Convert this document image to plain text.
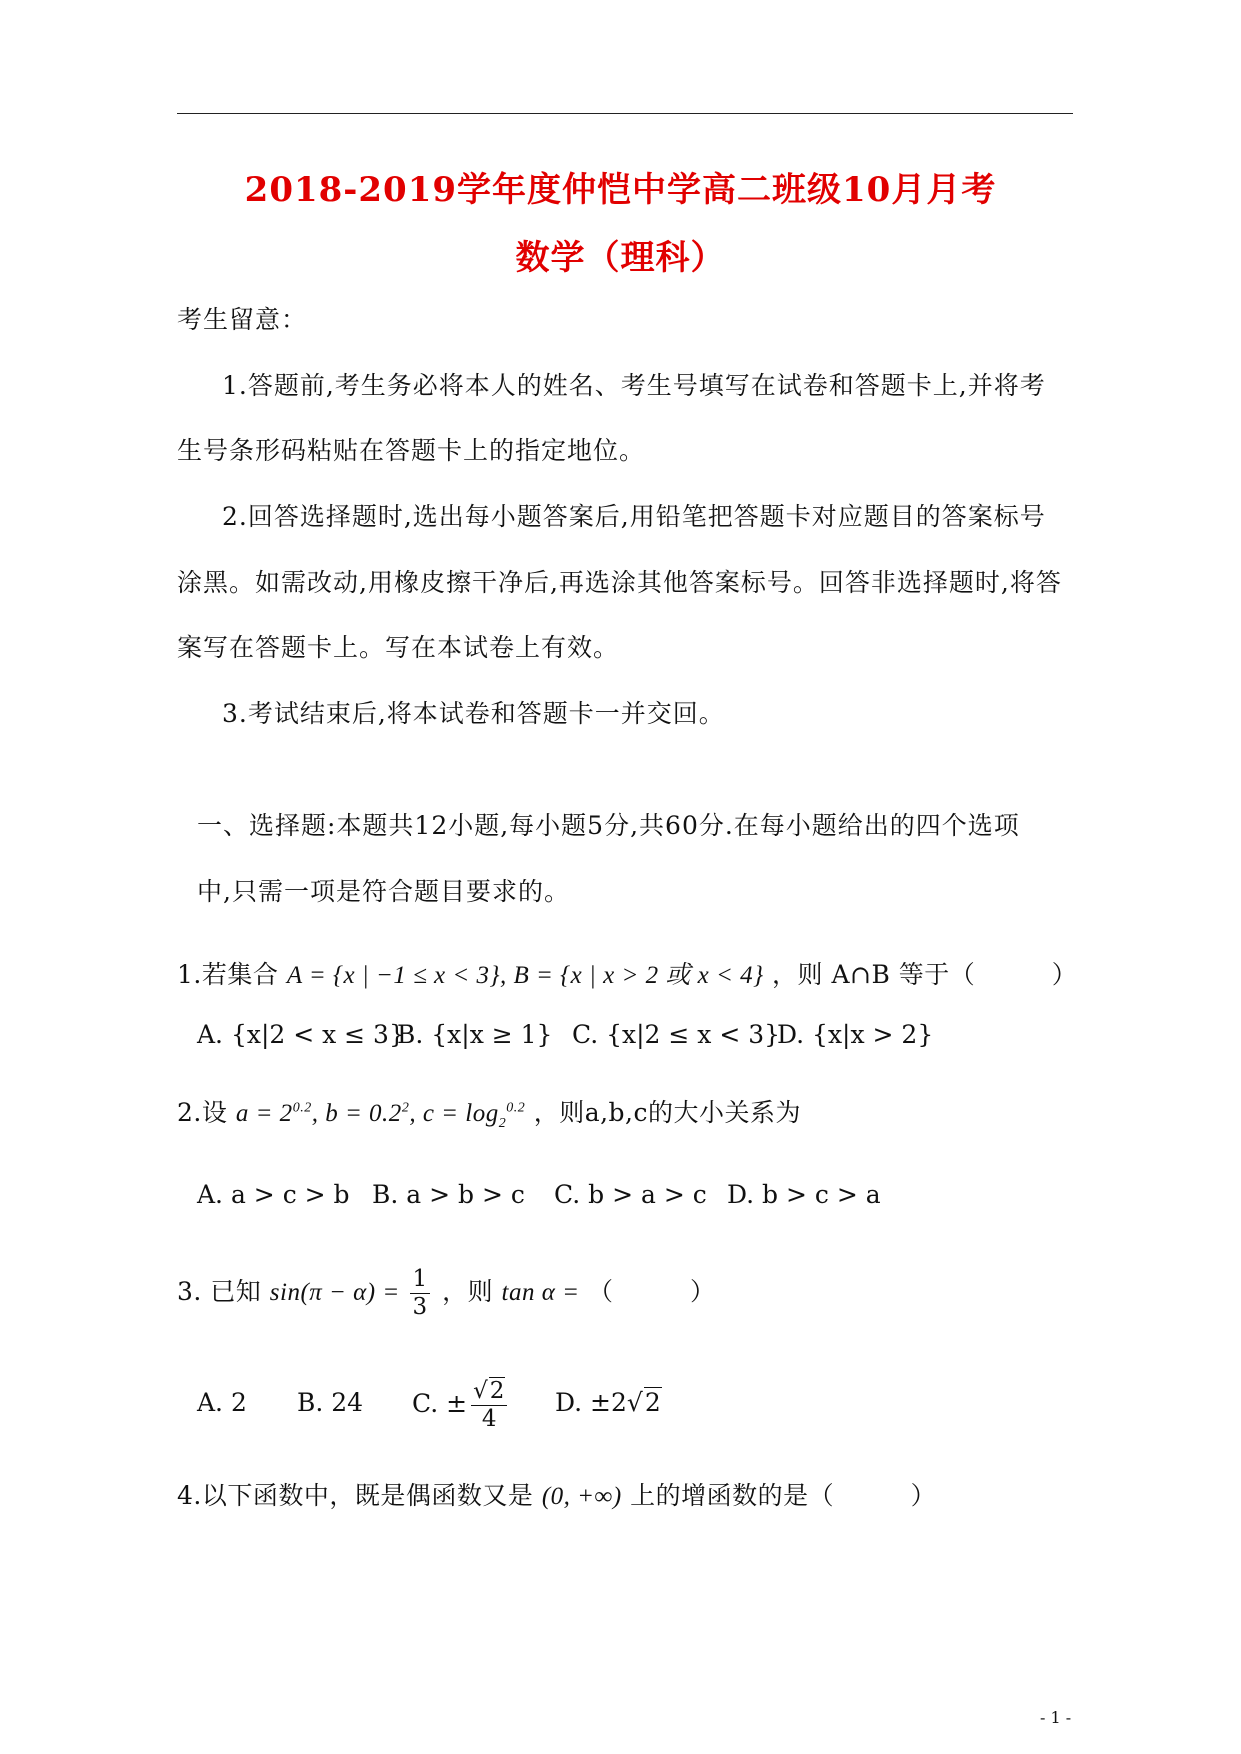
2018-2019学年度仲恺中学高二班级10月月考
数学（理科）
考生留意：
1.答题前,考生务必将本人的姓名、考生号填写在试卷和答题卡上,并将考
生号条形码粘贴在答题卡上的指定地位。
2.回答选择题时,选出每小题答案后,用铅笔把答题卡对应题目的答案标号
涂黑。如需改动,用橡皮擦干净后,再选涂其他答案标号。回答非选择题时,将答
案写在答题卡上。写在本试卷上有效。
3.考试结束后,将本试卷和答题卡一并交回。
一、选择题:本题共12小题,每小题5分,共60分.在每小题给出的四个选项
中,只需一项是符合题目要求的。
1.若集合 A = {x | −1 ≤ x < 3}, B = {x | x > 2 或 x < 4} ，则 A∩B 等于（　　　）
A. {x|2 < x ≤ 3}
B. {x|x ≥ 1} C. {x|2 ≤ x < 3}
D. {x|x > 2}
2.设 $a = 2^{0.2}$, $b = 0.2^2$, $c = \log_2^{0.2}$ ，则a,b,c的大小关系为
A. a > c > b B. a > b > c C. b > a > c D. b > c > a
3. 已知 $\sin(\pi - \alpha) = \frac{1}{3}$ ，则 tan α = （　　　）
A. 2 B. 24 C. ± $\frac{√2}{4} D$. ±2√2
4.以下函数中，既是偶函数又是 (0, +∞) 上的增函数的是（　　　）
- 1 -
